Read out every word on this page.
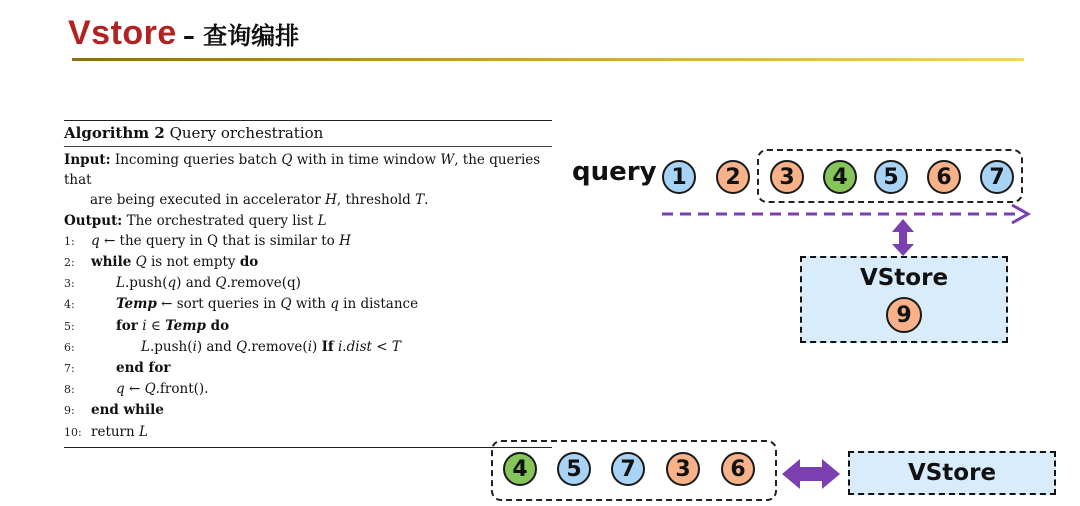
Vstore – 查询编排
Algorithm 2 Query orchestration
Input: Incoming queries batch Q with in time window W, the queries that
are being executed in accelerator H, threshold T.
Output: The orchestrated query list L
1:	q ← the query in Q that is similar to H
2:	while Q is not empty do
3:	L.push(q) and Q.remove(q)
4:	Temp ← sort queries in Q with q in distance
5:	for i ∈ Temp do
6:	L.push(i) and Q.remove(i) If i.dist < T
7:	end for
8:	q ← Q.front().
9:	end while
10: return L
query 1	2	3	4	5	6	7
VStore
9
4	5	7	3	6	VStore
